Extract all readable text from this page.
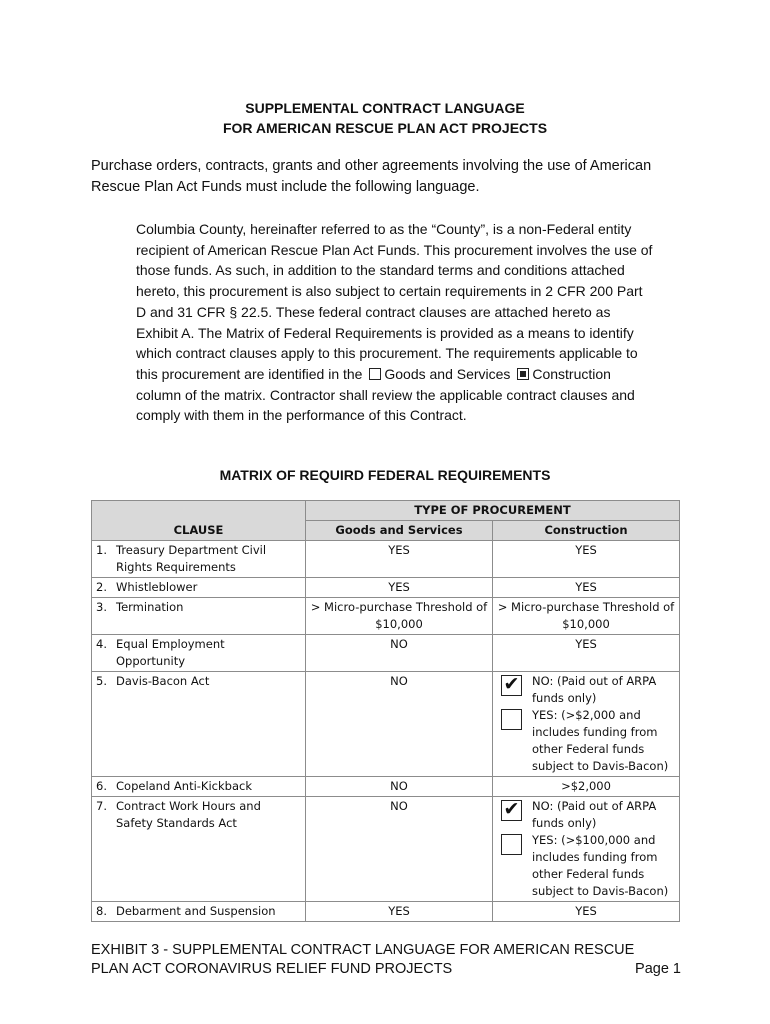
SUPPLEMENTAL CONTRACT LANGUAGE
FOR AMERICAN RESCUE PLAN ACT PROJECTS
Purchase orders, contracts, grants and other agreements involving the use of American Rescue Plan Act Funds must include the following language.
Columbia County, hereinafter referred to as the “County”, is a non-Federal entity recipient of American Rescue Plan Act Funds. This procurement involves the use of those funds. As such, in addition to the standard terms and conditions attached hereto, this procurement is also subject to certain requirements in 2 CFR 200 Part D and 31 CFR § 22.5. These federal contract clauses are attached hereto as Exhibit A. The Matrix of Federal Requirements is provided as a means to identify which contract clauses apply to this procurement. The requirements applicable to this procurement are identified in the Goods and Services Construction column of the matrix. Contractor shall review the applicable contract clauses and comply with them in the performance of this Contract.
MATRIX OF REQUIRD FEDERAL REQUIREMENTS
CLAUSE	TYPE OF PROCUREMENT	
	Goods and Services	Construction
1. Treasury Department Civil Rights Requirements	YES	YES
2. Whistleblower	YES	YES
3. Termination	> Micro-purchase Threshold of $10,000	> Micro-purchase Threshold of $10,000
4. Equal Employment Opportunity	NO	YES
5. Davis-Bacon Act	NO	✔ NO: (Paid out of ARPA funds only)
YES: (>$2,000 and includes funding from other Federal funds subject to Davis-Bacon)

6. Copeland Anti-Kickback	NO	>$2,000
7. Contract Work Hours and Safety Standards Act	NO	✔ NO: (Paid out of ARPA funds only)
YES: (>$100,000 and includes funding from other Federal funds subject to Davis-Bacon)

8. Debarment and Suspension	YES	YES
EXHIBIT 3 - SUPPLEMENTAL CONTRACT LANGUAGE FOR AMERICAN RESCUE
PLAN ACT CORONAVIRUS RELIEF FUND PROJECTS	Page 1
